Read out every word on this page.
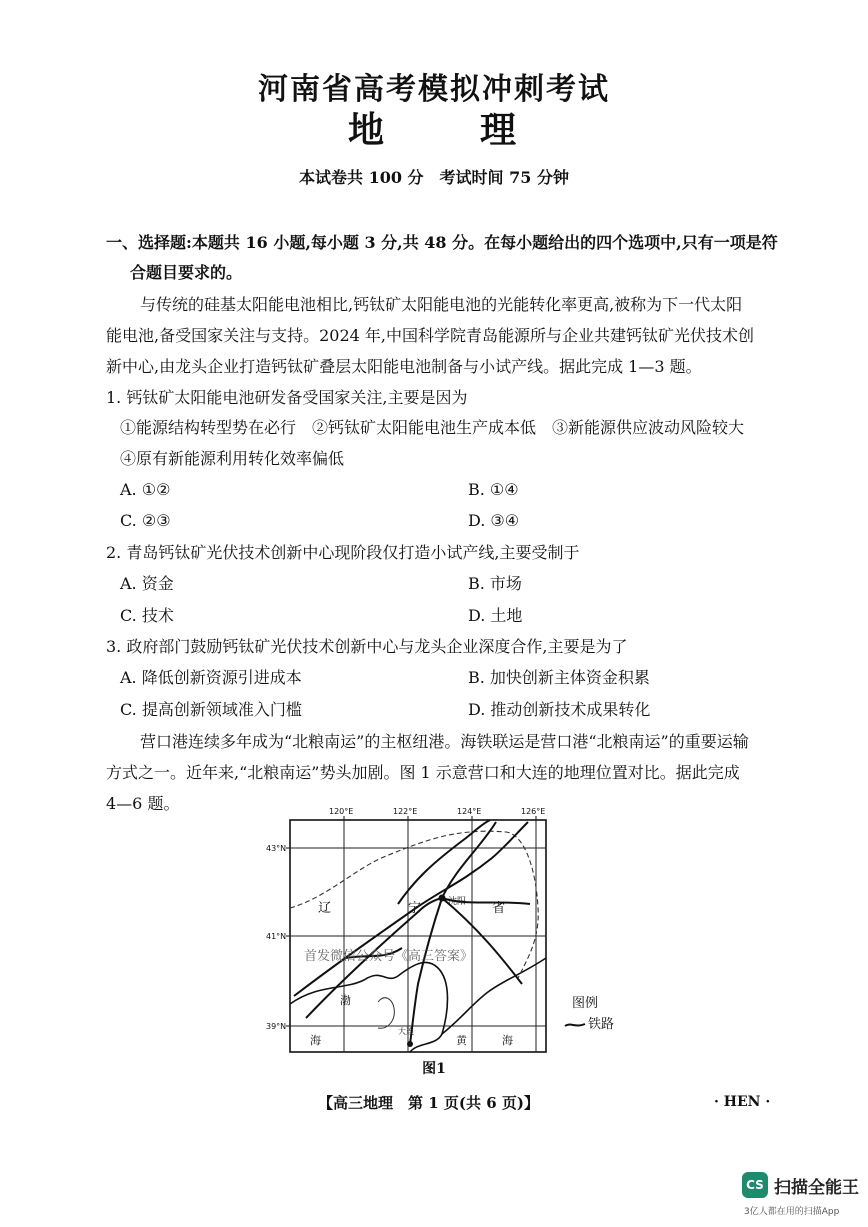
河南省高考模拟冲刺考试
地	理
本试卷共 100 分　考试时间 75 分钟
一、选择题:本题共 16 小题,每小题 3 分,共 48 分。在每小题给出的四个选项中,只有一项是符
合题目要求的。
与传统的硅基太阳能电池相比,钙钛矿太阳能电池的光能转化率更高,被称为下一代太阳
能电池,备受国家关注与支持。2024 年,中国科学院青岛能源所与企业共建钙钛矿光伏技术创
新中心,由龙头企业打造钙钛矿叠层太阳能电池制备与小试产线。据此完成 1—3 题。
1. 钙钛矿太阳能电池研发备受国家关注,主要是因为
①能源结构转型势在必行　②钙钛矿太阳能电池生产成本低　③新能源供应波动风险较大
④原有新能源利用转化效率偏低
A. ①②	B. ①④
C. ②③	D. ③④
2. 青岛钙钛矿光伏技术创新中心现阶段仅打造小试产线,主要受制于
A. 资金	B. 市场
C. 技术	D. 土地
3. 政府部门鼓励钙钛矿光伏技术创新中心与龙头企业深度合作,主要是为了
A. 降低创新资源引进成本	B. 加快创新主体资金积累
C. 提高创新领域准入门槛	D. 推动创新技术成果转化
营口港连续多年成为“北粮南运”的主枢纽港。海铁联运是营口港“北粮南运”的重要运输
方式之一。近年来,“北粮南运”势头加剧。图 1 示意营口和大连的地理位置对比。据此完成
4—6 题。	120°E	122°E	124°E	126°E
43°N
41°N
39°N
辽	宁	省
沈阳
大连
渤
海	黄	海
首发微信公众号《高三答案》
图例
铁路
图1
【高三地理　第 1 页(共 6 页)】	· HEN ·
CS 扫描全能王
3亿人都在用的扫描App
